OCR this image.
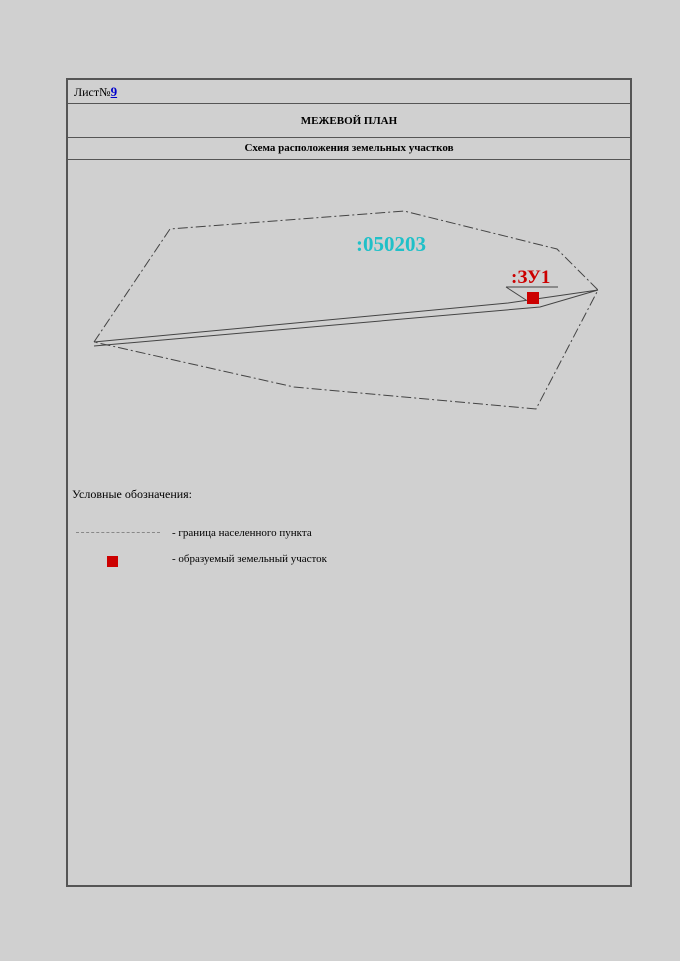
Лист№9
МЕЖЕВОЙ ПЛАН
Схема расположения земельных участков
:050203
:ЗУ1
Условные обозначения:
- граница населенного пункта
- образуемый земельный участок
